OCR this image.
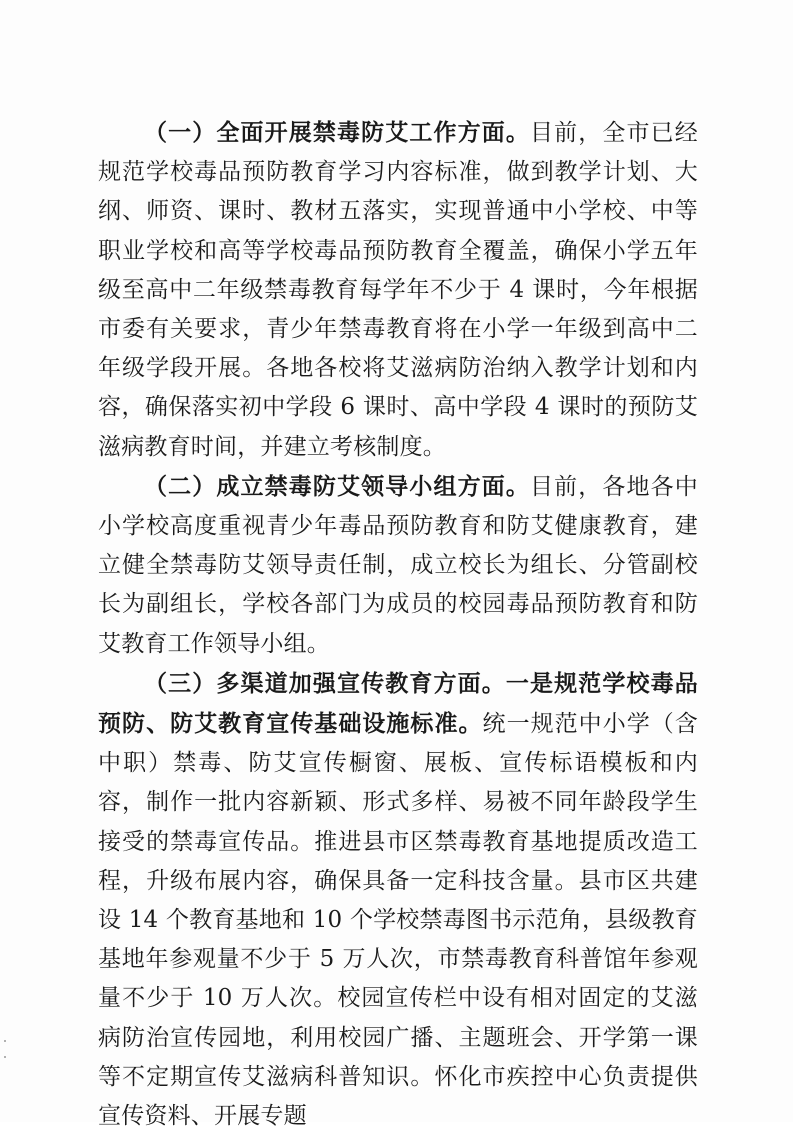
（一）全面开展禁毒防艾工作方面。目前，全市已经规范学校毒品预防教育学习内容标准，做到教学计划、大纲、师资、课时、教材五落实，实现普通中小学校、中等职业学校和高等学校毒品预防教育全覆盖，确保小学五年级至高中二年级禁毒教育每学年不少于 4 课时，今年根据市委有关要求，青少年禁毒教育将在小学一年级到高中二年级学段开展。各地各校将艾滋病防治纳入教学计划和内容，确保落实初中学段 6 课时、高中学段 4 课时的预防艾滋病教育时间，并建立考核制度。

（二）成立禁毒防艾领导小组方面。目前，各地各中小学校高度重视青少年毒品预防教育和防艾健康教育，建立健全禁毒防艾领导责任制，成立校长为组长、分管副校长为副组长，学校各部门为成员的校园毒品预防教育和防艾教育工作领导小组。

（三）多渠道加强宣传教育方面。一是规范学校毒品预防、防艾教育宣传基础设施标准。统一规范中小学（含中职）禁毒、防艾宣传橱窗、展板、宣传标语模板和内容，制作一批内容新颖、形式多样、易被不同年龄段学生接受的禁毒宣传品。推进县市区禁毒教育基地提质改造工程，升级布展内容，确保具备一定科技含量。县市区共建设 14 个教育基地和 10 个学校禁毒图书示范角，县级教育基地年参观量不少于 5 万人次，市禁毒教育科普馆年参观量不少于 10 万人次。校园宣传栏中设有相对固定的艾滋病防治宣传园地，利用校园广播、主题班会、开学第一课等不定期宣传艾滋病科普知识。怀化市疾控中心负责提供宣传资料、开展专题
